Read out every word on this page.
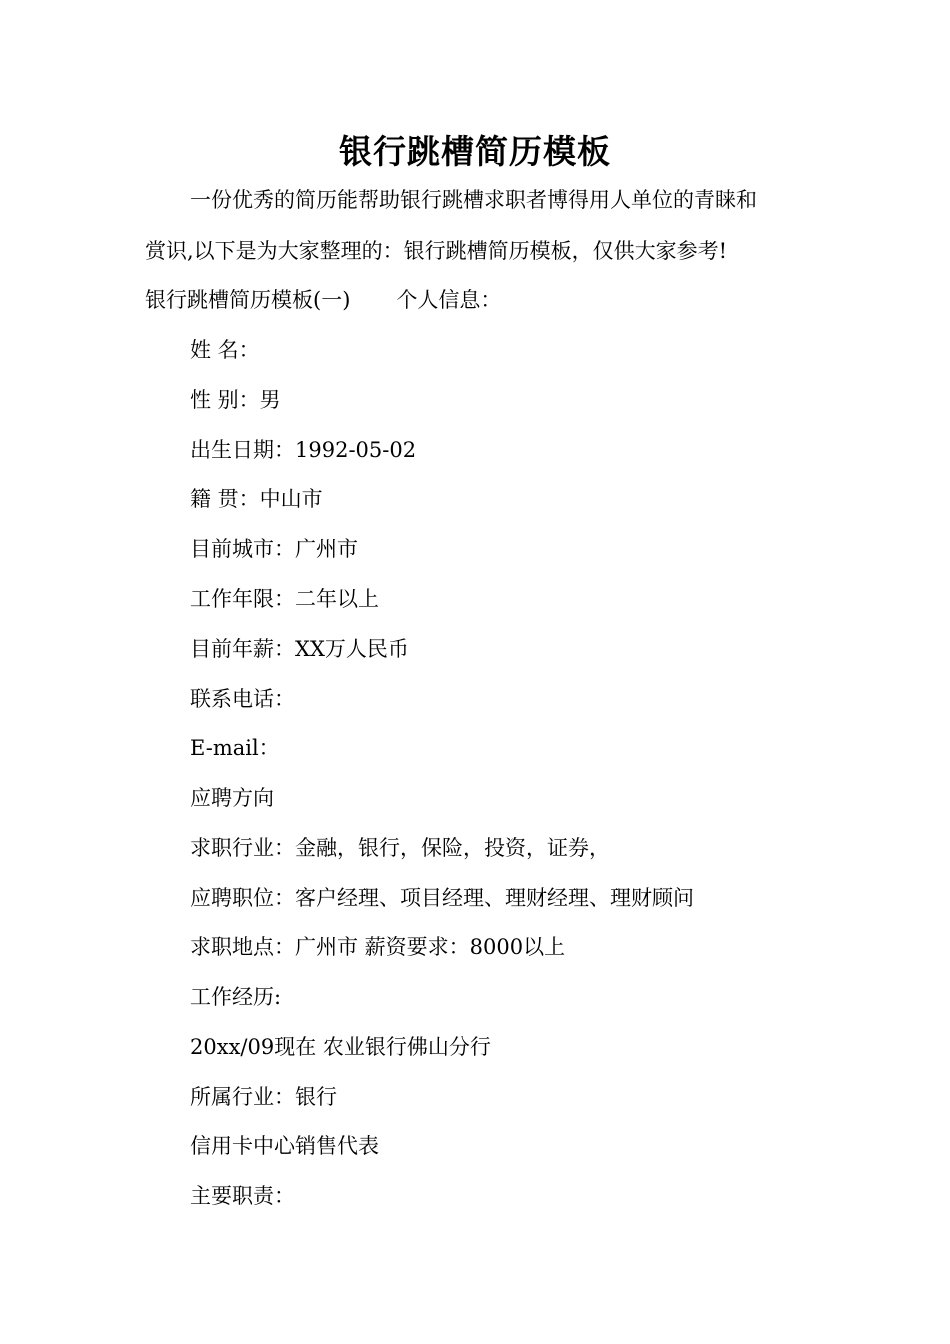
银行跳槽简历模板
一份优秀的简历能帮助银行跳槽求职者博得用人单位的青睐和
赏识,以下是为大家整理的：银行跳槽简历模板，仅供大家参考!
银行跳槽简历模板(一) 个人信息：
姓 名：
性 别：男
出生日期：1992-05-02
籍 贯：中山市
目前城市：广州市
工作年限：二年以上
目前年薪：XX万人民币
联系电话：
E-mail：
应聘方向
求职行业：金融，银行，保险，投资，证券，
应聘职位：客户经理、项目经理、理财经理、理财顾问
求职地点：广州市 薪资要求：8000以上
工作经历:
20xx/09现在 农业银行佛山分行
所属行业：银行
信用卡中心销售代表
主要职责：
